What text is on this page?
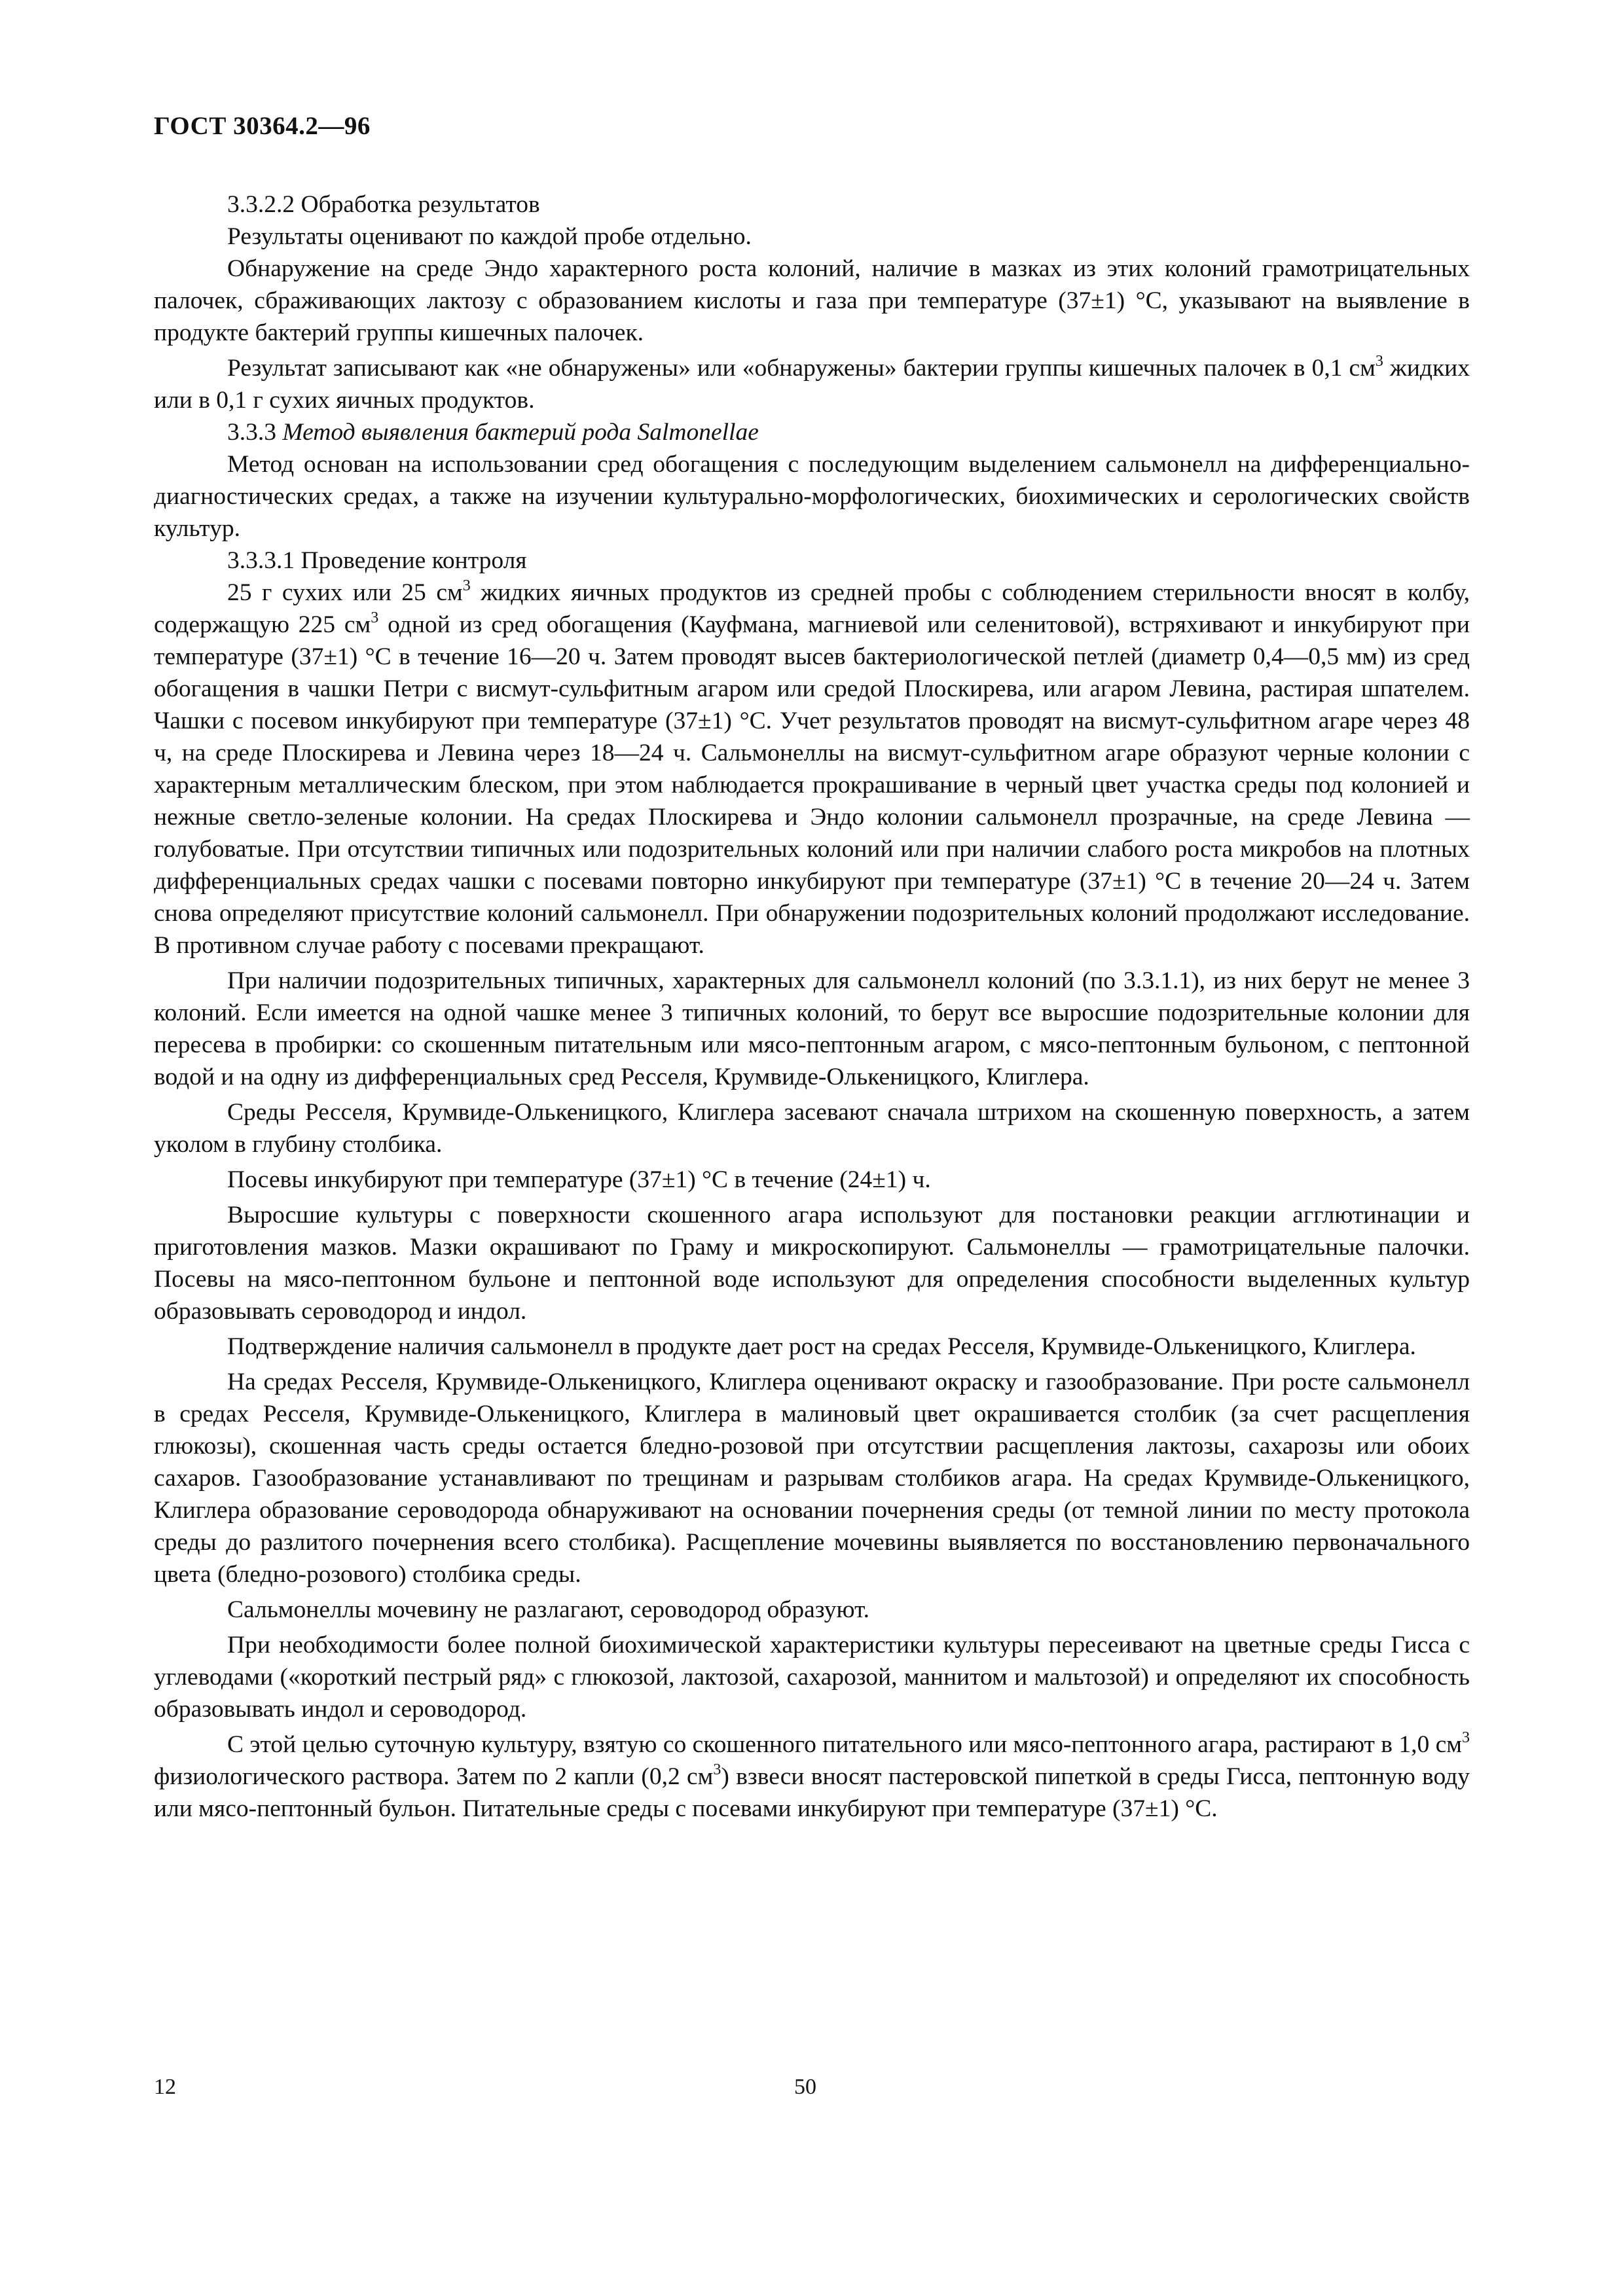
ГОСТ 30364.2—96

3.3.2.2 Обработка результатов

Результаты оценивают по каждой пробе отдельно.

Обнаружение на среде Эндо характерного роста колоний, наличие в мазках из этих колоний грамотрицательных палочек, сбраживающих лактозу с образованием кислоты и газа при температуре (37±1) °С, указывают на выявление в продукте бактерий группы кишечных палочек.

Результат записывают как «не обнаружены» или «обнаружены» бактерии группы кишечных палочек в 0,1 $см^3$ жидких или в 0,1 г сухих яичных продуктов.

3.3.3 Метод выявления бактерий рода Salmonellae

Метод основан на использовании сред обогащения с последующим выделением сальмонелл на дифференциально-диагностических средах, а также на изучении культурально-морфологических, биохимических и серологических свойств культур.

3.3.3.1 Проведение контроля

25 г сухих или 25 $см^3$ жидких яичных продуктов из средней пробы с соблюдением стерильности вносят в колбу, содержащую 225 $см^3$ одной из сред обогащения (Кауфмана, магниевой или селенитовой), встряхивают и инкубируют при температуре (37±1) °С в течение 16—20 ч. Затем проводят высев бактериологической петлей (диаметр 0,4—0,5 мм) из сред обогащения в чашки Петри с висмут-сульфитным агаром или средой Плоскирева, или агаром Левина, растирая шпателем. Чашки с посевом инкубируют при температуре (37±1) °С. Учет результатов проводят на висмут-сульфитном агаре через 48 ч, на среде Плоскирева и Левина через 18—24 ч. Сальмонеллы на висмут-сульфитном агаре образуют черные колонии с характерным металлическим блеском, при этом наблюдается прокрашивание в черный цвет участка среды под колонией и нежные светло-зеленые колонии. На средах Плоскирева и Эндо колонии сальмонелл прозрачные, на среде Левина — голубоватые. При отсутствии типичных или подозрительных колоний или при наличии слабого роста микробов на плотных дифференциальных средах чашки с посевами повторно инкубируют при температуре (37±1) °С в течение 20—24 ч. Затем снова определяют присутствие колоний сальмонелл. При обнаружении подозрительных колоний продолжают исследование. В противном случае работу с посевами прекращают.

При наличии подозрительных типичных, характерных для сальмонелл колоний (по 3.3.1.1), из них берут не менее 3 колоний. Если имеется на одной чашке менее 3 типичных колоний, то берут все выросшие подозрительные колонии для пересева в пробирки: со скошенным питательным или мясо-пептонным агаром, с мясо-пептонным бульоном, с пептонной водой и на одну из дифференциальных сред Ресселя, Крумвиде-Олькеницкого, Клиглера.

Среды Ресселя, Крумвиде-Олькеницкого, Клиглера засевают сначала штрихом на скошенную поверхность, а затем уколом в глубину столбика.

Посевы инкубируют при температуре (37±1) °С в течение (24±1) ч.

Выросшие культуры с поверхности скошенного агара используют для постановки реакции агглютинации и приготовления мазков. Мазки окрашивают по Граму и микроскопируют. Сальмонеллы — грамотрицательные палочки. Посевы на мясо-пептонном бульоне и пептонной воде используют для определения способности выделенных культур образовывать сероводород и индол.

Подтверждение наличия сальмонелл в продукте дает рост на средах Ресселя, Крумвиде-Олькеницкого, Клиглера.

На средах Ресселя, Крумвиде-Олькеницкого, Клиглера оценивают окраску и газообразование. При росте сальмонелл в средах Ресселя, Крумвиде-Олькеницкого, Клиглера в малиновый цвет окрашивается столбик (за счет расщепления глюкозы), скошенная часть среды остается бледно-розовой при отсутствии расщепления лактозы, сахарозы или обоих сахаров. Газообразование устанавливают по трещинам и разрывам столбиков агара. На средах Крумвиде-Олькеницкого, Клиглера образование сероводорода обнаруживают на основании почернения среды (от темной линии по месту протокола среды до разлитого почернения всего столбика). Расщепление мочевины выявляется по восстановлению первоначального цвета (бледно-розового) столбика среды.

Сальмонеллы мочевину не разлагают, сероводород образуют.

При необходимости более полной биохимической характеристики культуры пересеивают на цветные среды Гисса с углеводами («короткий пестрый ряд» с глюкозой, лактозой, сахарозой, маннитом и мальтозой) и определяют их способность образовывать индол и сероводород.

С этой целью суточную культуру, взятую со скошенного питательного или мясо-пептонного агара, растирают в 1,0 $см^3$ физиологического раствора. Затем по 2 капли (0,2 $см^3$) взвеси вносят пастеровской пипеткой в среды Гисса, пептонную воду или мясо-пептонный бульон. Питательные среды с посевами инкубируют при температуре (37±1) °С.

12	50
